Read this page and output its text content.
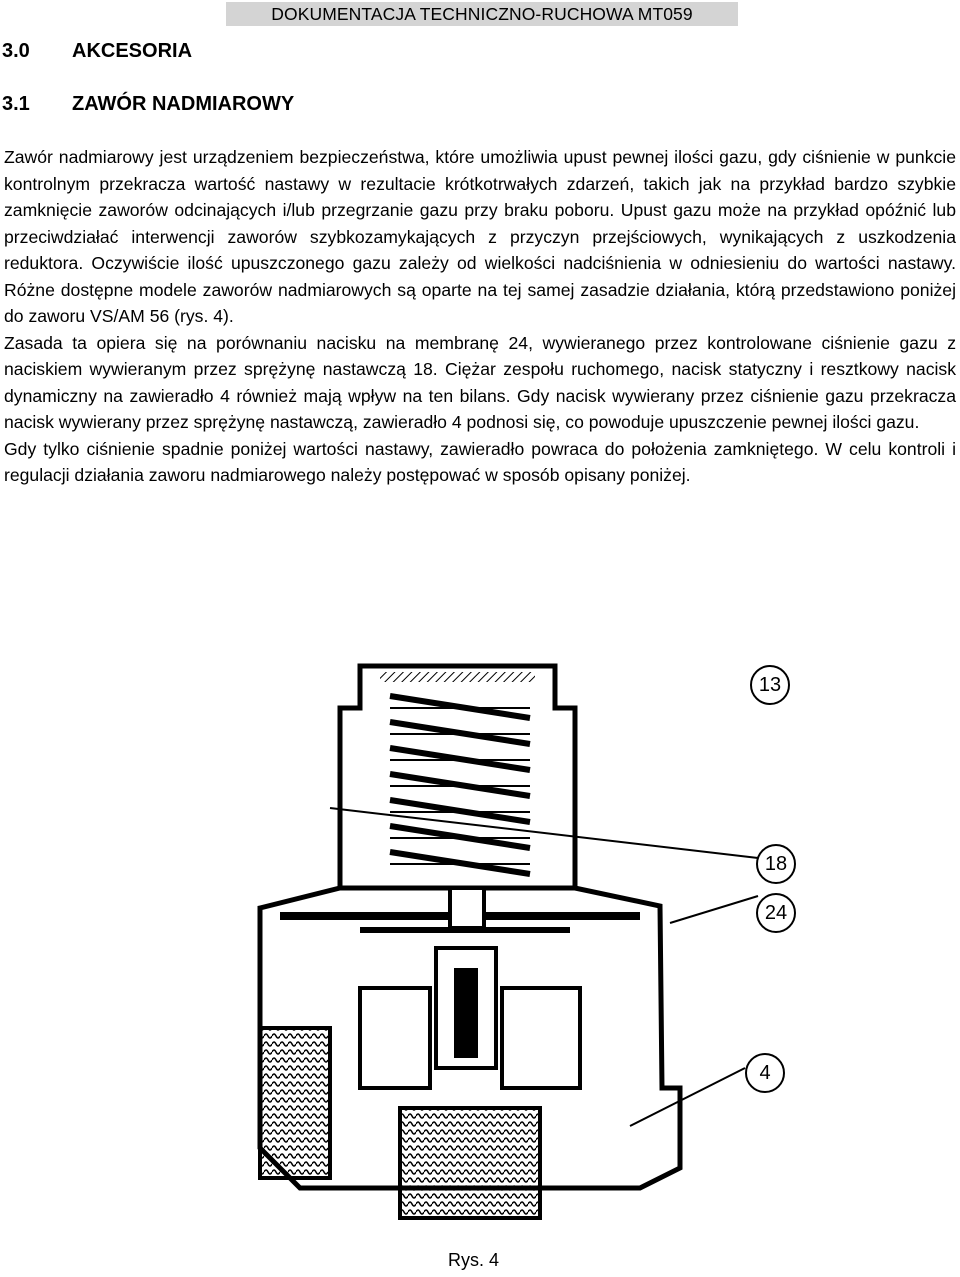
DOKUMENTACJA TECHNICZNO-RUCHOWA MT059
3.0 AKCESORIA
3.1 ZAWÓR NADMIAROWY

Zawór nadmiarowy jest urządzeniem bezpieczeństwa, które umożliwia upust pewnej ilości gazu, gdy ciśnienie w punkcie kontrolnym przekracza wartość nastawy w rezultacie krótkotrwałych zdarzeń, takich jak na przykład bardzo szybkie zamknięcie zaworów odcinających i/lub przegrzanie gazu przy braku poboru. Upust gazu może na przykład opóźnić lub przeciwdziałać interwencji zaworów szybkozamykających z przyczyn przejściowych, wynikających z uszkodzenia reduktora. Oczywiście ilość upuszczonego gazu zależy od wielkości nadciśnienia w odniesieniu do wartości nastawy. Różne dostępne modele zaworów nadmiarowych są oparte na tej samej zasadzie działania, którą przedstawiono poniżej do zaworu VS/AM 56 (rys. 4).

Zasada ta opiera się na porównaniu nacisku na membranę 24, wywieranego przez kontrolowane ciśnienie gazu z naciskiem wywieranym przez sprężynę nastawczą 18. Ciężar zespołu ruchomego, nacisk statyczny i resztkowy nacisk dynamiczny na zawieradło 4 również mają wpływ na ten bilans. Gdy nacisk wywierany przez ciśnienie gazu przekracza nacisk wywierany przez sprężynę nastawczą, zawieradło 4 podnosi się, co powoduje upuszczenie pewnej ilości gazu.

Gdy tylko ciśnienie spadnie poniżej wartości nastawy, zawieradło powraca do położenia zamkniętego. W celu kontroli i regulacji działania zaworu nadmiarowego należy postępować w sposób opisany poniżej.

13
18
24
4
Rys. 4
